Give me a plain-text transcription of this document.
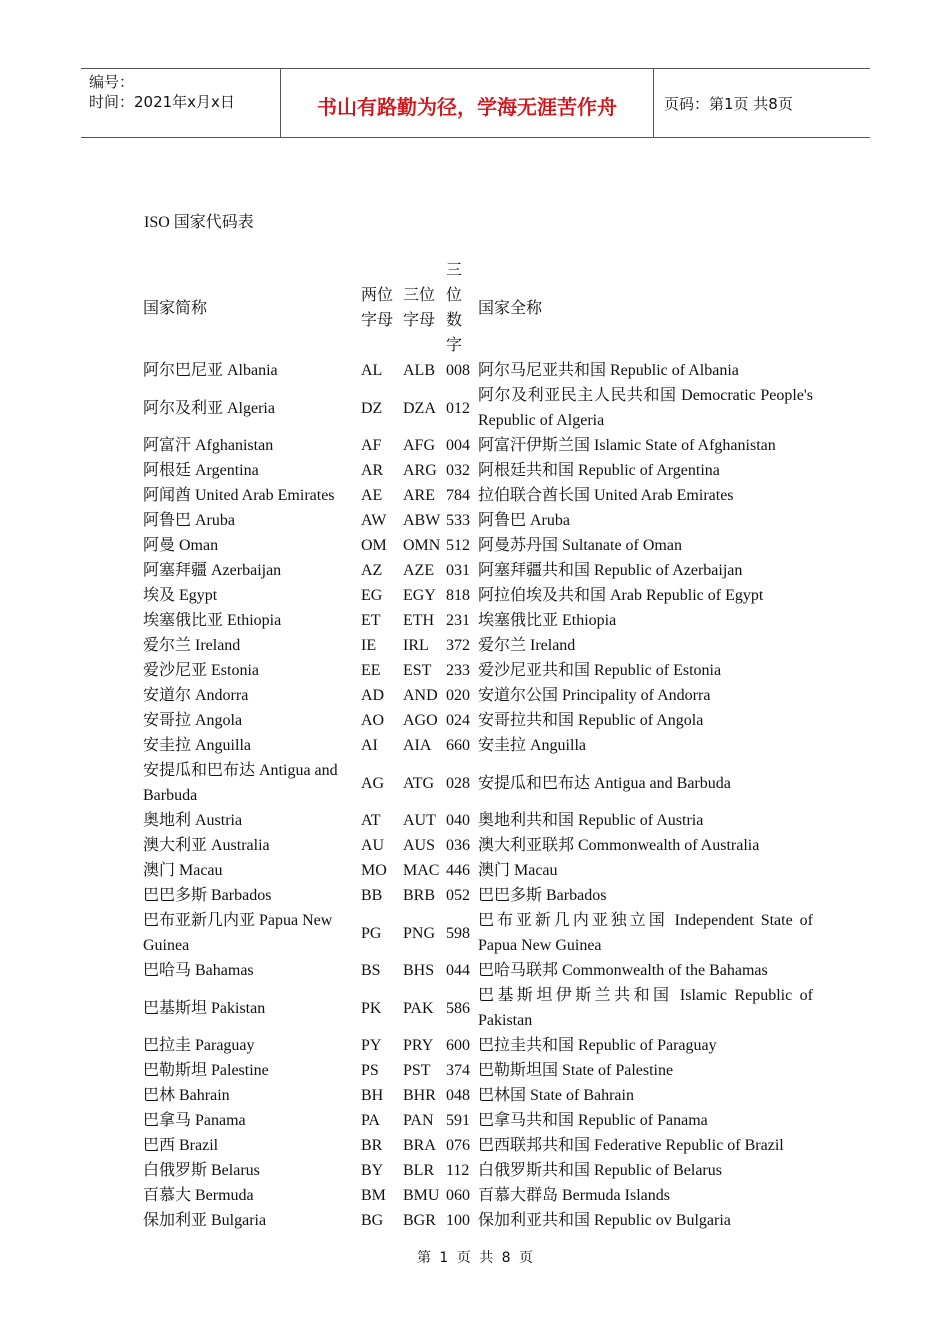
编号：
时间：2021年x月x日	书山有路勤为径，学海无涯苦作舟	页码：第1页 共8页
ISO 国家代码表
国家简称	两位字母	三位字母	三位数字	国家全称
阿尔巴尼亚 Albania	AL	ALB	008	阿尔马尼亚共和国 Republic of Albania
阿尔及利亚 Algeria	DZ	DZA	012	阿尔及利亚民主人民共和国 Democratic People's Republic of Algeria
阿富汗 Afghanistan	AF	AFG	004	阿富汗伊斯兰国 Islamic State of Afghanistan
阿根廷 Argentina	AR	ARG	032	阿根廷共和国 Republic of Argentina
阿闻酋 United Arab Emirates	AE	ARE	784	拉伯联合酋长国 United Arab Emirates
阿鲁巴 Aruba	AW	ABW	533	阿鲁巴 Aruba
阿曼 Oman	OM	OMN	512	阿曼苏丹国 Sultanate of Oman
阿塞拜疆 Azerbaijan	AZ	AZE	031	阿塞拜疆共和国 Republic of Azerbaijan
埃及 Egypt	EG	EGY	818	阿拉伯埃及共和国 Arab Republic of Egypt
埃塞俄比亚 Ethiopia	ET	ETH	231	埃塞俄比亚 Ethiopia
爱尔兰 Ireland	IE	IRL	372	爱尔兰 Ireland
爱沙尼亚 Estonia	EE	EST	233	爱沙尼亚共和国 Republic of Estonia
安道尔 Andorra	AD	AND	020	安道尔公国 Principality of Andorra
安哥拉 Angola	AO	AGO	024	安哥拉共和国 Republic of Angola
安圭拉 Anguilla	AI	AIA	660	安圭拉 Anguilla
安提瓜和巴布达 Antigua and Barbuda	AG	ATG	028	安提瓜和巴布达 Antigua and Barbuda
奥地利 Austria	AT	AUT	040	奥地利共和国 Republic of Austria
澳大利亚 Australia	AU	AUS	036	澳大利亚联邦 Commonwealth of Australia
澳门 Macau	MO	MAC	446	澳门 Macau
巴巴多斯 Barbados	BB	BRB	052	巴巴多斯 Barbados
巴布亚新几内亚 Papua New Guinea	PG	PNG	598	巴布亚新几内亚独立国 Independent State of Papua New Guinea
巴哈马 Bahamas	BS	BHS	044	巴哈马联邦 Commonwealth of the Bahamas
巴基斯坦 Pakistan	PK	PAK	586	巴基斯坦伊斯兰共和国 Islamic Republic of Pakistan
巴拉圭 Paraguay	PY	PRY	600	巴拉圭共和国 Republic of Paraguay
巴勒斯坦 Palestine	PS	PST	374	巴勒斯坦国 State of Palestine
巴林 Bahrain	BH	BHR	048	巴林国 State of Bahrain
巴拿马 Panama	PA	PAN	591	巴拿马共和国 Republic of Panama
巴西 Brazil	BR	BRA	076	巴西联邦共和国 Federative Republic of Brazil
白俄罗斯 Belarus	BY	BLR	112	白俄罗斯共和国 Republic of Belarus
百慕大 Bermuda	BM	BMU	060	百慕大群岛 Bermuda Islands
保加利亚 Bulgaria	BG	BGR	100	保加利亚共和国 Republic ov Bulgaria
第 1 页 共 8 页
